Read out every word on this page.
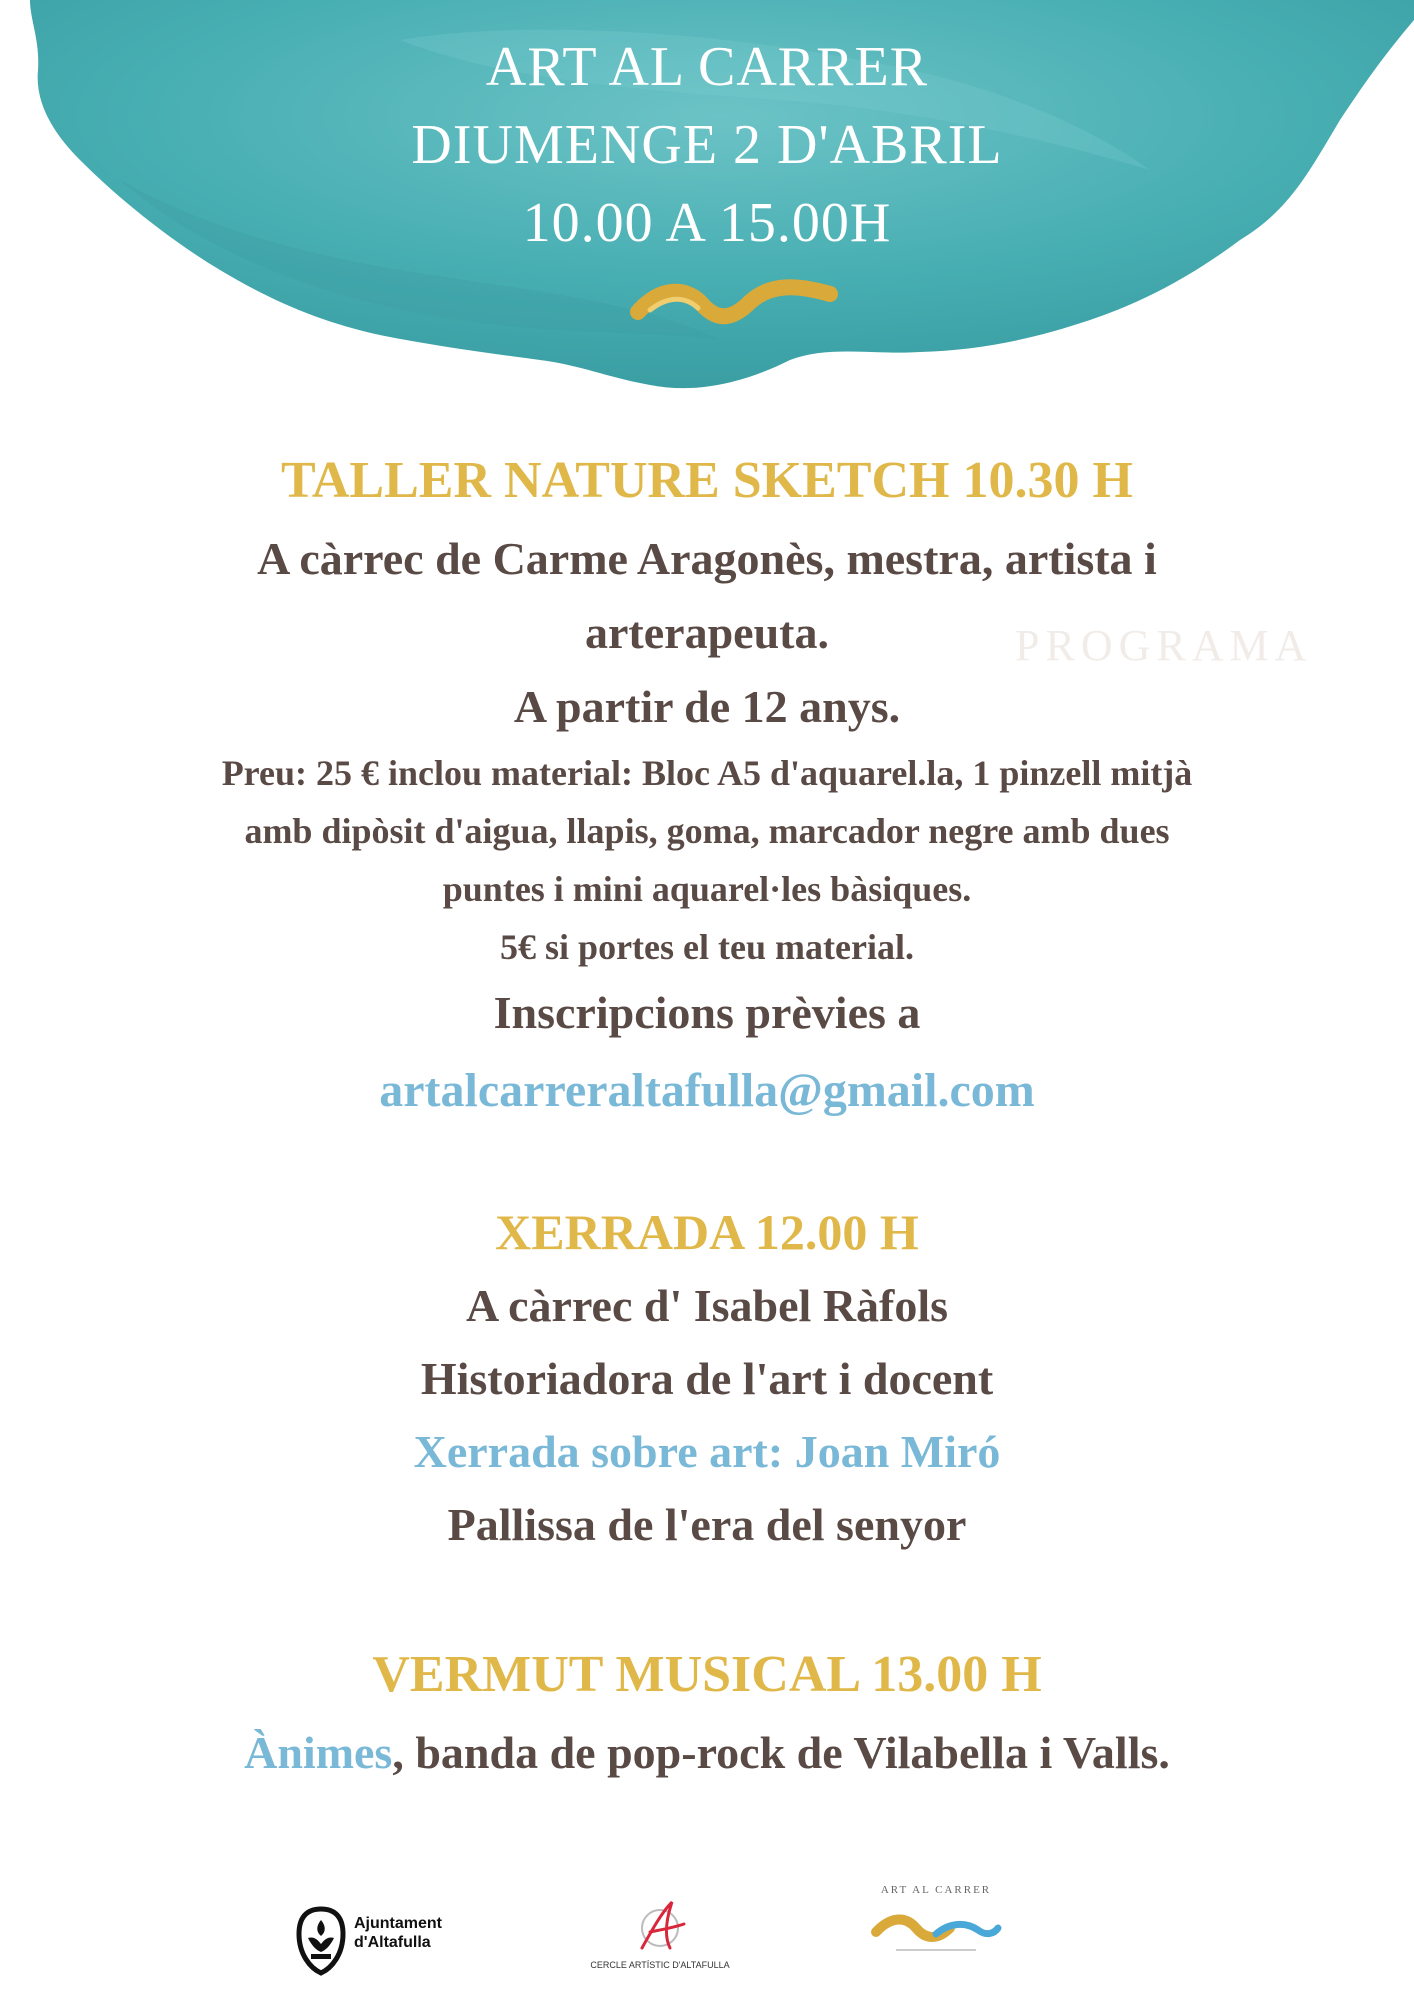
ART AL CARRER
DIUMENGE 2 D'ABRIL
10.00 A 15.00H
PROGRAMA
TALLER NATURE SKETCH 10.30 H
A càrrec de Carme Aragonès, mestra, artista i
arterapeuta.
A partir de 12 anys.
Preu: 25 € inclou material: Bloc A5 d'aquarel.la, 1 pinzell mitjà
amb dipòsit d'aigua, llapis, goma, marcador negre amb dues
puntes i mini aquarel·les bàsiques.
5€ si portes el teu material.
Inscripcions prèvies a
artalcarreraltafulla@gmail.com
XERRADA 12.00 H
A càrrec d' Isabel Ràfols
Historiadora de l'art i docent
Xerrada sobre art: Joan Miró
Pallissa de l'era del senyor
VERMUT MUSICAL 13.00 H
Ànimes, banda de pop-rock de Vilabella i Valls.
Ajuntament
d'Altafulla
CERCLE ARTÍSTIC D'ALTAFULLA
ART AL CARRER
